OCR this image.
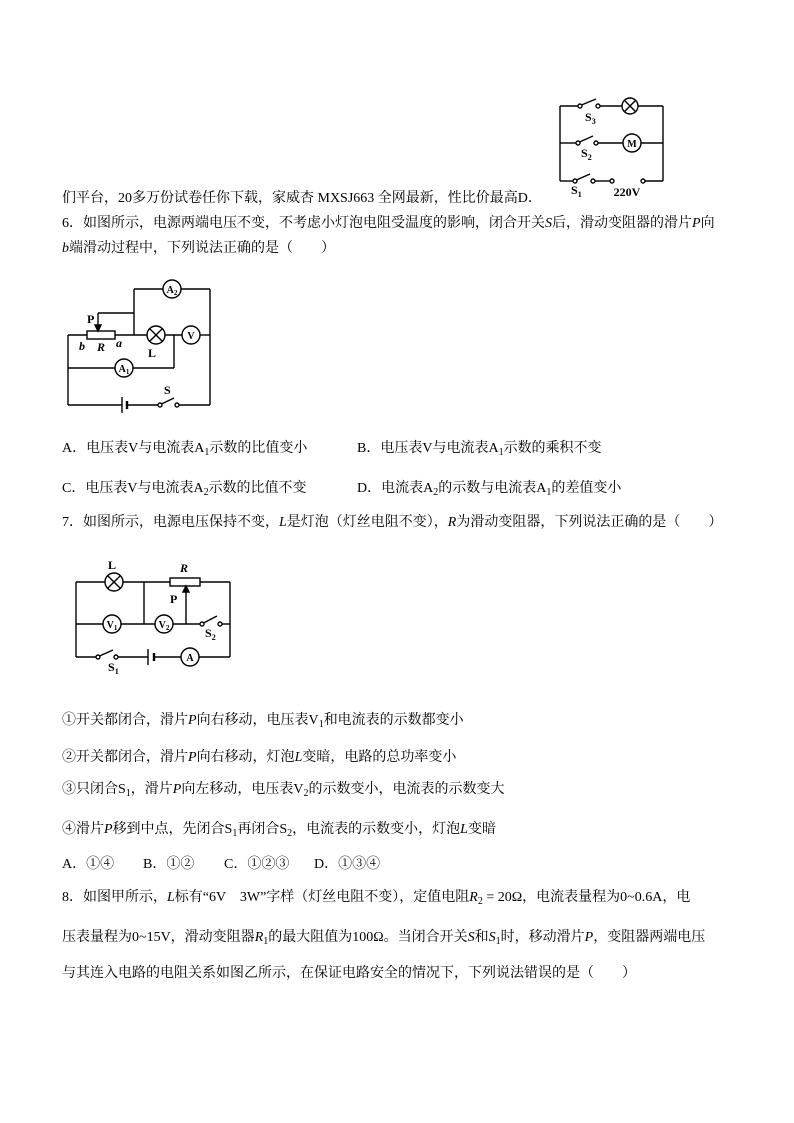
$S_3$
$S_2$
M
$S_1$	220V
们平台，20多万份试卷任你下载，家威杏 MXSJ663 全网最新，性比价最高D．
6．如图所示，电源两端电压不变，不考虑小灯泡电阻受温度的影响，闭合开关S后，滑动变阻器的滑片P向
b端滑动过程中，下列说法正确的是（　　）
$A_2$
P
b R a
L
V
$A_1$
S
A．电压表V与电流表$A_1$示数的比值变小	B．电压表V与电流表$A_1$示数的乘积不变
C．电压表V与电流表$A_2$示数的比值不变	D．电流表$A_2$的示数与电流表$A_1$的差值变小
7．如图所示，电源电压保持不变，L是灯泡（灯丝电阻不变），R为滑动变阻器，下列说法正确的是（　　）
L	R
P
$V_1$	$V_2$	$S_2$
$S_1$
A
①开关都闭合，滑片P向右移动，电压表$V_1$和电流表的示数都变小
②开关都闭合，滑片P向右移动，灯泡L变暗，电路的总功率变小
③只闭合$S_1$，滑片P向左移动，电压表$V_2$的示数变小，电流表的示数变大
④滑片P移到中点，先闭合$S_1$再闭合$S_2$，电流表的示数变小，灯泡L变暗
A．①④ B．①② C．①②③ D．①③④
8．如图甲所示，L标有“6V　3W”字样（灯丝电阻不变），定值电阻$R_2 = 20\Omega$，电流表量程为0~0.6A，电
压表量程为0~15V，滑动变阻器$R_1$的最大阻值为100Ω。当闭合开关S和$S_1$时，移动滑片P，变阻器两端电压
与其连入电路的电阻关系如图乙所示，在保证电路安全的情况下，下列说法错误的是（　　）
